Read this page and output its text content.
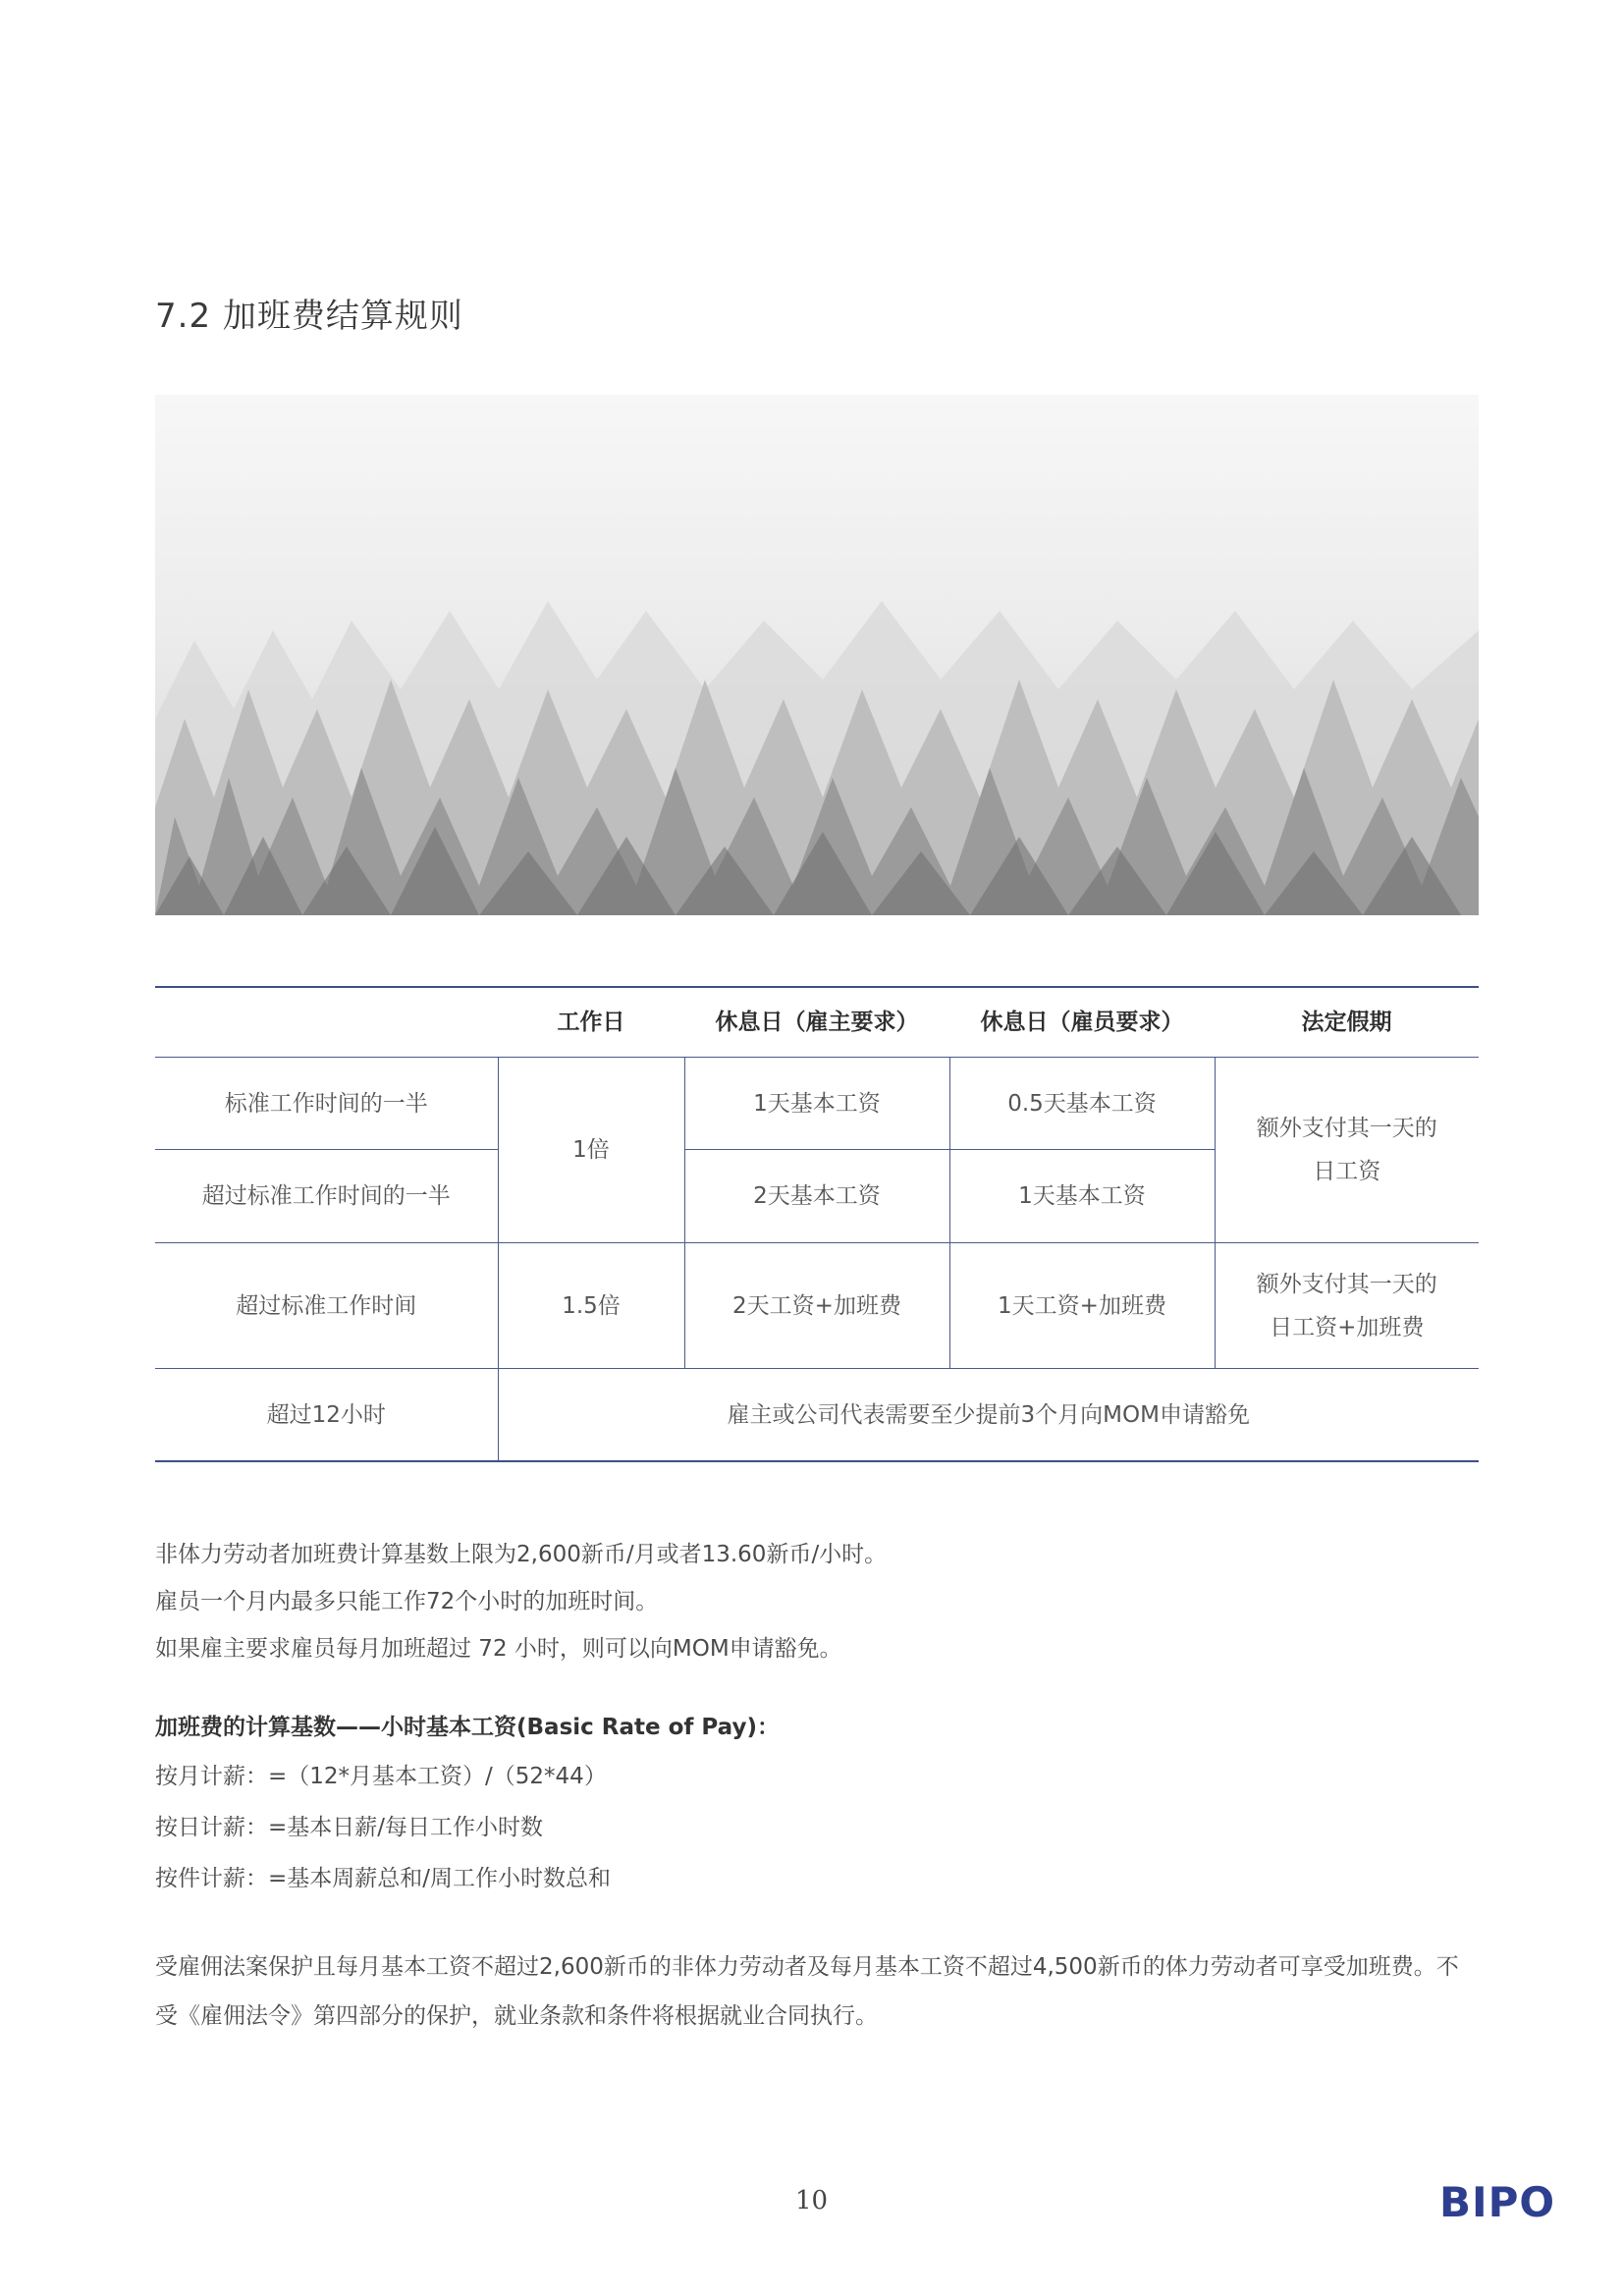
7.2 加班费结算规则
	工作日	休息日（雇主要求）	休息日（雇员要求）	法定假期
标准工作时间的一半	1倍	1天基本工资	0.5天基本工资	额外支付其一天的
日工资

超过标准工作时间的一半		2天基本工资	1天基本工资	
超过标准工作时间	1.5倍	2天工资+加班费	1天工资+加班费	额外支付其一天的
日工资+加班费

超过12小时	雇主或公司代表需要至少提前3个月向MOM申请豁免			
非体力劳动者加班费计算基数上限为2,600新币/月或者13.60新币/小时。
雇员一个月内最多只能工作72个小时的加班时间。
如果雇主要求雇员每月加班超过 72 小时，则可以向MOM申请豁免。
加班费的计算基数——小时基本工资(Basic Rate of Pay)：
按月计薪：=（12*月基本工资）/（52*44）
按日计薪：=基本日薪/每日工作小时数
按件计薪：=基本周薪总和/周工作小时数总和
受雇佣法案保护且每月基本工资不超过2,600新币的非体力劳动者及每月基本工资不超过4,500新币的体力劳动者可享受加班费。不
受《雇佣法令》第四部分的保护，就业条款和条件将根据就业合同执行。
10	BIPO
